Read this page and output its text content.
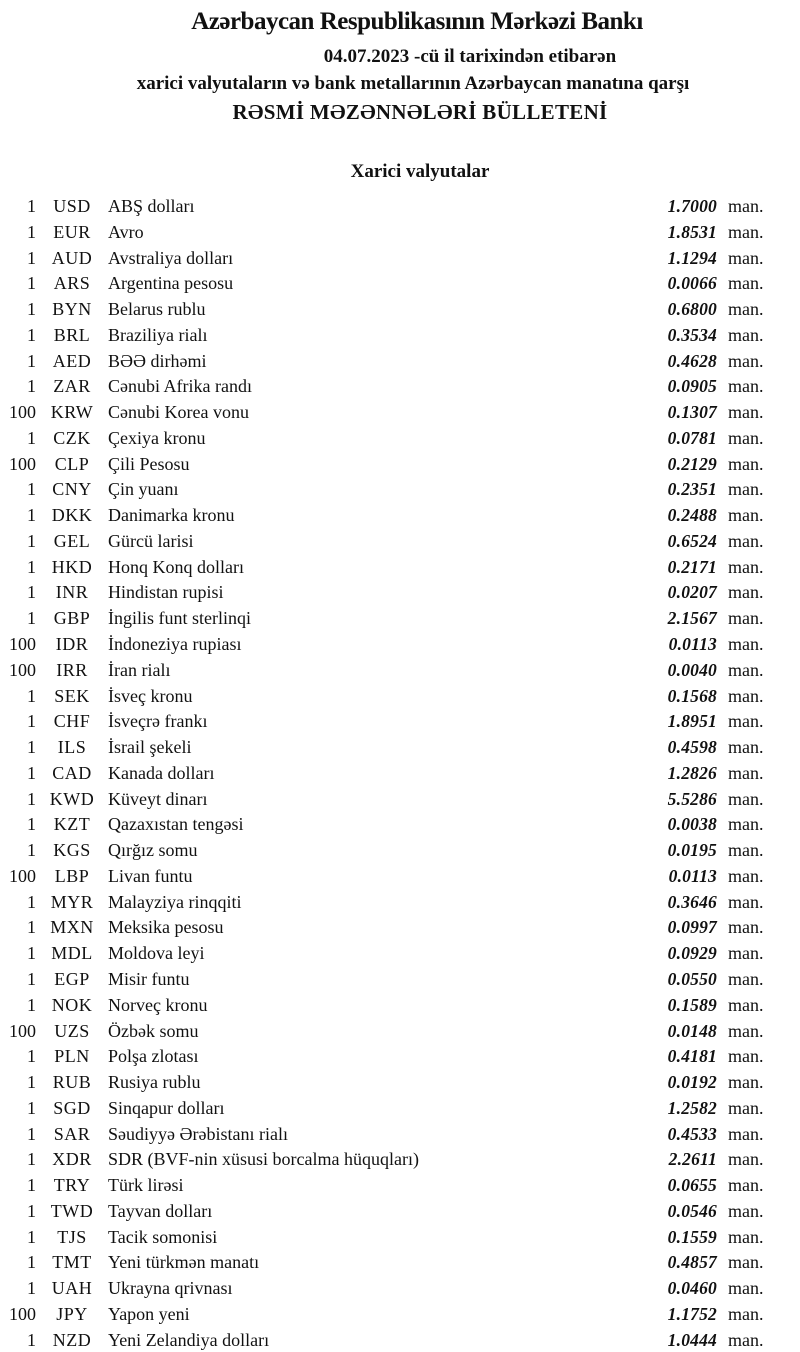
Azərbaycan Respublikasının Mərkəzi Bankı
04.07.2023 -cü il tarixindən etibarən
xarici valyutaların və bank metallarının Azərbaycan manatına qarşı
RƏSMİ MƏZƏNNƏLƏRİ BÜLLETENİ
Xarici valyutalar
1 USD ABŞ dolları	1.7000 man.
1 EUR Avro	1.8531 man.
1 AUD Avstraliya dolları	1.1294 man.
1 ARS Argentina pesosu	0.0066 man.
1 BYN Belarus rublu	0.6800 man.
1 BRL Braziliya rialı	0.3534 man.
1 AED BƏƏ dirhəmi	0.4628 man.
1 ZAR Cənubi Afrika randı	0.0905 man.
100 KRW Cənubi Korea vonu	0.1307 man.
1 CZK Çexiya kronu	0.0781 man.
100	CLP	Çili Pesosu	0.2129 man.
1 CNY Çin yuanı	0.2351 man.
1 DKK Danimarka kronu	0.2488 man.
1 GEL Gürcü larisi	0.6524 man.
1 HKD Honq Konq dolları	0.2171 man.
1	INR	Hindistan rupisi	0.0207 man.
1 GBP İngilis funt sterlinqi	2.1567 man.
100	IDR	İndoneziya rupiası	0.0113 man.
100	IRR	İran rialı	0.0040 man.
1	SEK	İsveç kronu	0.1568 man.
1 CHF İsveçrə frankı	1.8951 man.
1	ILS	İsrail şekeli	0.4598 man.
1 CAD Kanada dolları	1.2826 man.
1 KWD Küveyt dinarı	5.5286 man.
1 KZT Qazaxıstan tengəsi	0.0038 man.
1 KGS Qırğız somu	0.0195 man.
100	LBP	Livan funtu	0.0113 man.
1 MYR Malayziya rinqqiti	0.3646 man.
1 MXN Meksika pesosu	0.0997 man.
1 MDL Moldova leyi	0.0929 man.
1	EGP	Misir funtu	0.0550 man.
1 NOK Norveç kronu	0.1589 man.
100	UZS	Özbək somu	0.0148 man.
1	PLN	Polşa zlotası	0.4181 man.
1 RUB Rusiya rublu	0.0192 man.
1 SGD Sinqapur dolları	1.2582 man.
1 SAR Səudiyyə Ərəbistanı rialı	0.4533 man.
1 XDR SDR (BVF-nin xüsusi borcalma hüquqları)	2.2611 man.
1 TRY Türk lirəsi	0.0655 man.
1 TWD Tayvan dolları	0.0546 man.
1	TJS	Tacik somonisi	0.1559 man.
1 TMT Yeni türkmən manatı	0.4857 man.
1 UAH Ukrayna qrivnası	0.0460 man.
100	JPY	Yapon yeni	1.1752 man.
1 NZD Yeni Zelandiya dolları	1.0444 man.
